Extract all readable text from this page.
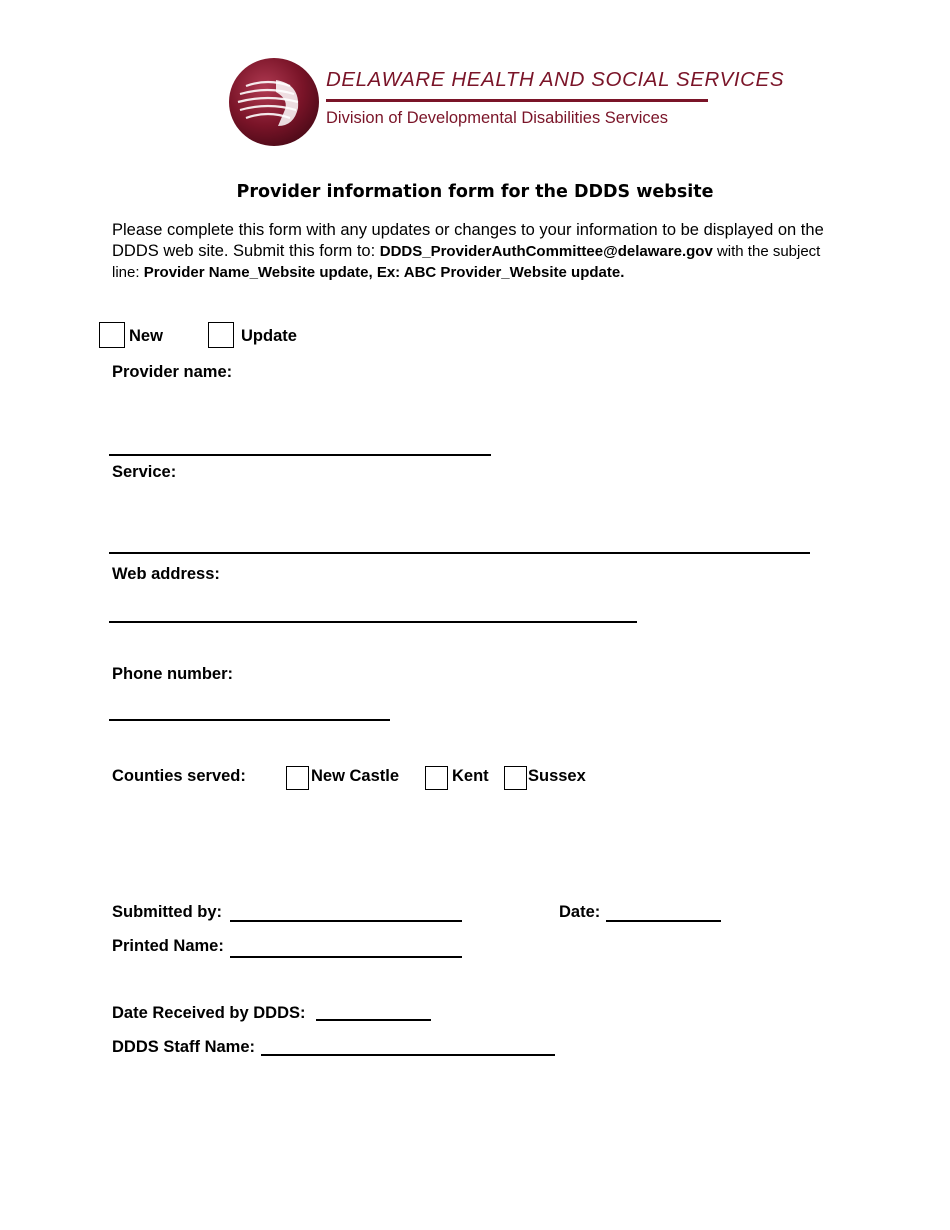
DELAWARE HEALTH AND SOCIAL SERVICES
Division of Developmental Disabilities Services
Provider information form for the DDDS website
Please complete this form with any updates or changes to your information to be displayed on the DDDS web site. Submit this form to: DDDS_ProviderAuthCommittee@delaware.gov with the subject line: Provider Name_Website update, Ex: ABC Provider_Website update.
New	Update
Provider name:
Service:
Web address:
Phone number:
Counties served:	New Castle	Kent Sussex
Submitted by:	Date:
Printed Name:
Date Received by DDDS:
DDDS Staff Name:
